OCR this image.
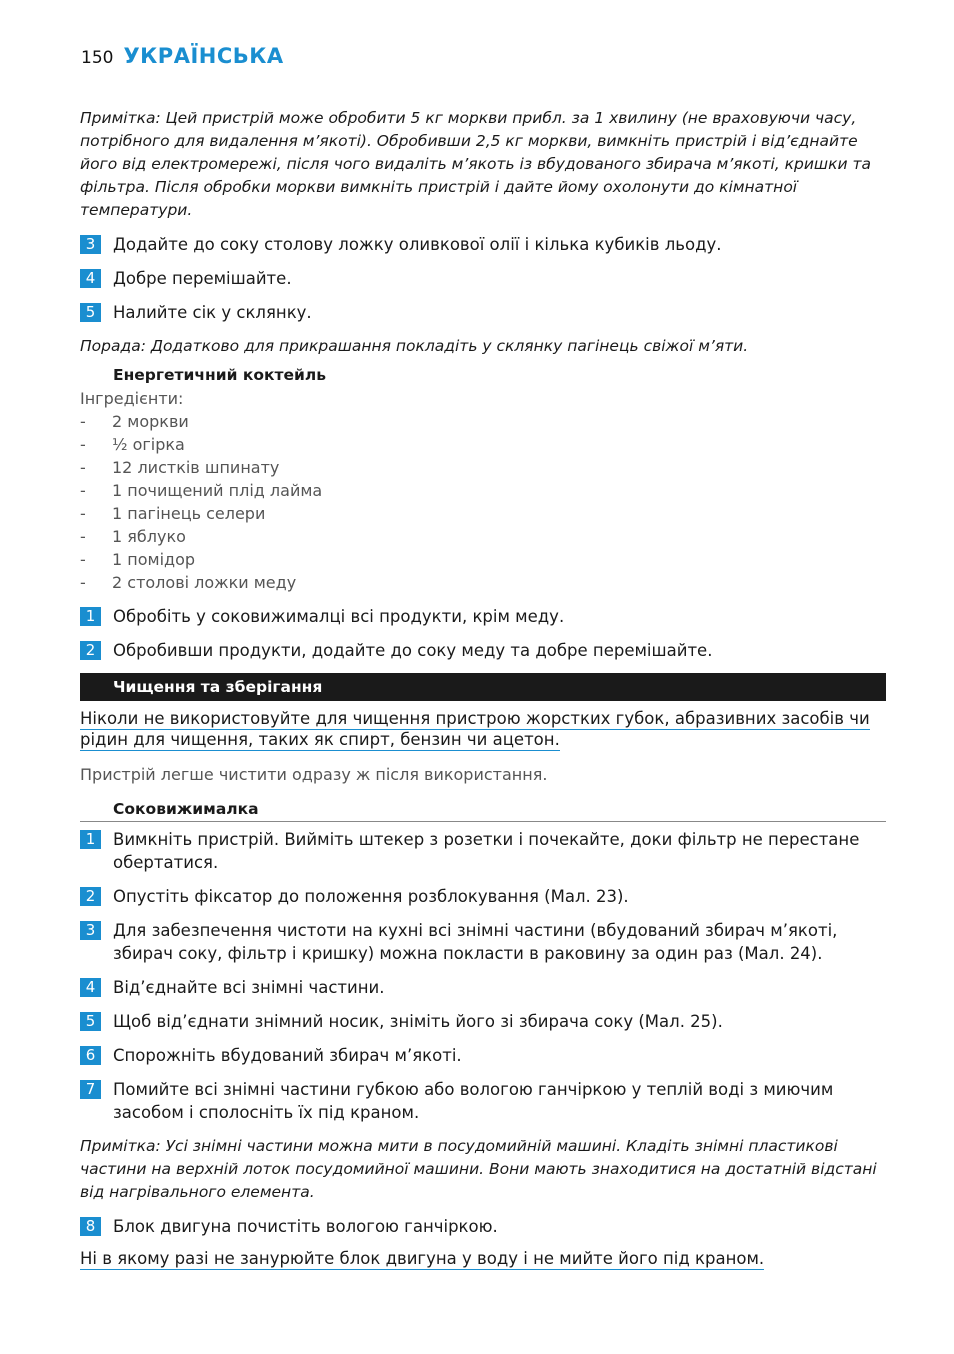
150 УКРАЇНСЬКА

Примітка: Цей пристрій може обробити 5 кг моркви прибл. за 1 хвилину (не враховуючи часу, потрібного для видалення м’якоті). Обробивши 2,5 кг моркви, вимкніть пристрій і від’єднайте його від електромережі, після чого видаліть м’якоть із вбудованого збирача м’якоті, кришки та фільтра. Після обробки моркви вимкніть пристрій і дайте йому охолонути до кімнатної температури.

3	Додайте до соку столову ложку оливкової олії і кілька кубиків льоду.
4	Добре перемішайте.
5	Налийте сік у склянку.

Порада: Додатково для прикрашання покладіть у склянку пагінець свіжої м’яти.

Енергетичний коктейль
Інгредієнти:
-	2 моркви
-	½ огірка
-	12 листків шпинату
-	1 почищений плід лайма
-	1 пагінець селери
-	1 яблуко
-	1 помідор
-	2 столові ложки меду
1	Обробіть у соковижималці всі продукти, крім меду.
2	Обробивши продукти, додайте до соку меду та добре перемішайте.
Чищення та зберігання
Ніколи не використовуйте для чищення пристрою жорстких губок, абразивних засобів чи
рідин для чищення, таких як спирт, бензин чи ацетон.
Пристрій легше чистити одразу ж після використання.
Соковижималка
1	Вимкніть пристрій. Вийміть штекер з розетки і почекайте, доки фільтр не перестане обертатися.
2	Опустіть фіксатор до положення розблокування (Мал. 23).
3	Для забезпечення чистоти на кухні всі знімні частини (вбудований збирач м’якоті, збирач соку, фільтр і кришку) можна покласти в раковину за один раз (Мал. 24).
4	Від’єднайте всі знімні частини.
5	Щоб від’єднати знімний носик, зніміть його зі збирача соку (Мал. 25).
6	Спорожніть вбудований збирач м’якоті.
7	Помийте всі знімні частини губкою або вологою ганчіркою у теплій воді з миючим засобом і сполосніть їх під краном.

Примітка: Усі знімні частини можна мити в посудомийній машині. Кладіть знімні пластикові частини на верхній лоток посудомийної машини. Вони мають знаходитися на достатній відстані від нагрівального елемента.

8	Блок двигуна почистіть вологою ганчіркою.
Ні в якому разі не занурюйте блок двигуна у воду і не мийте його під краном.
